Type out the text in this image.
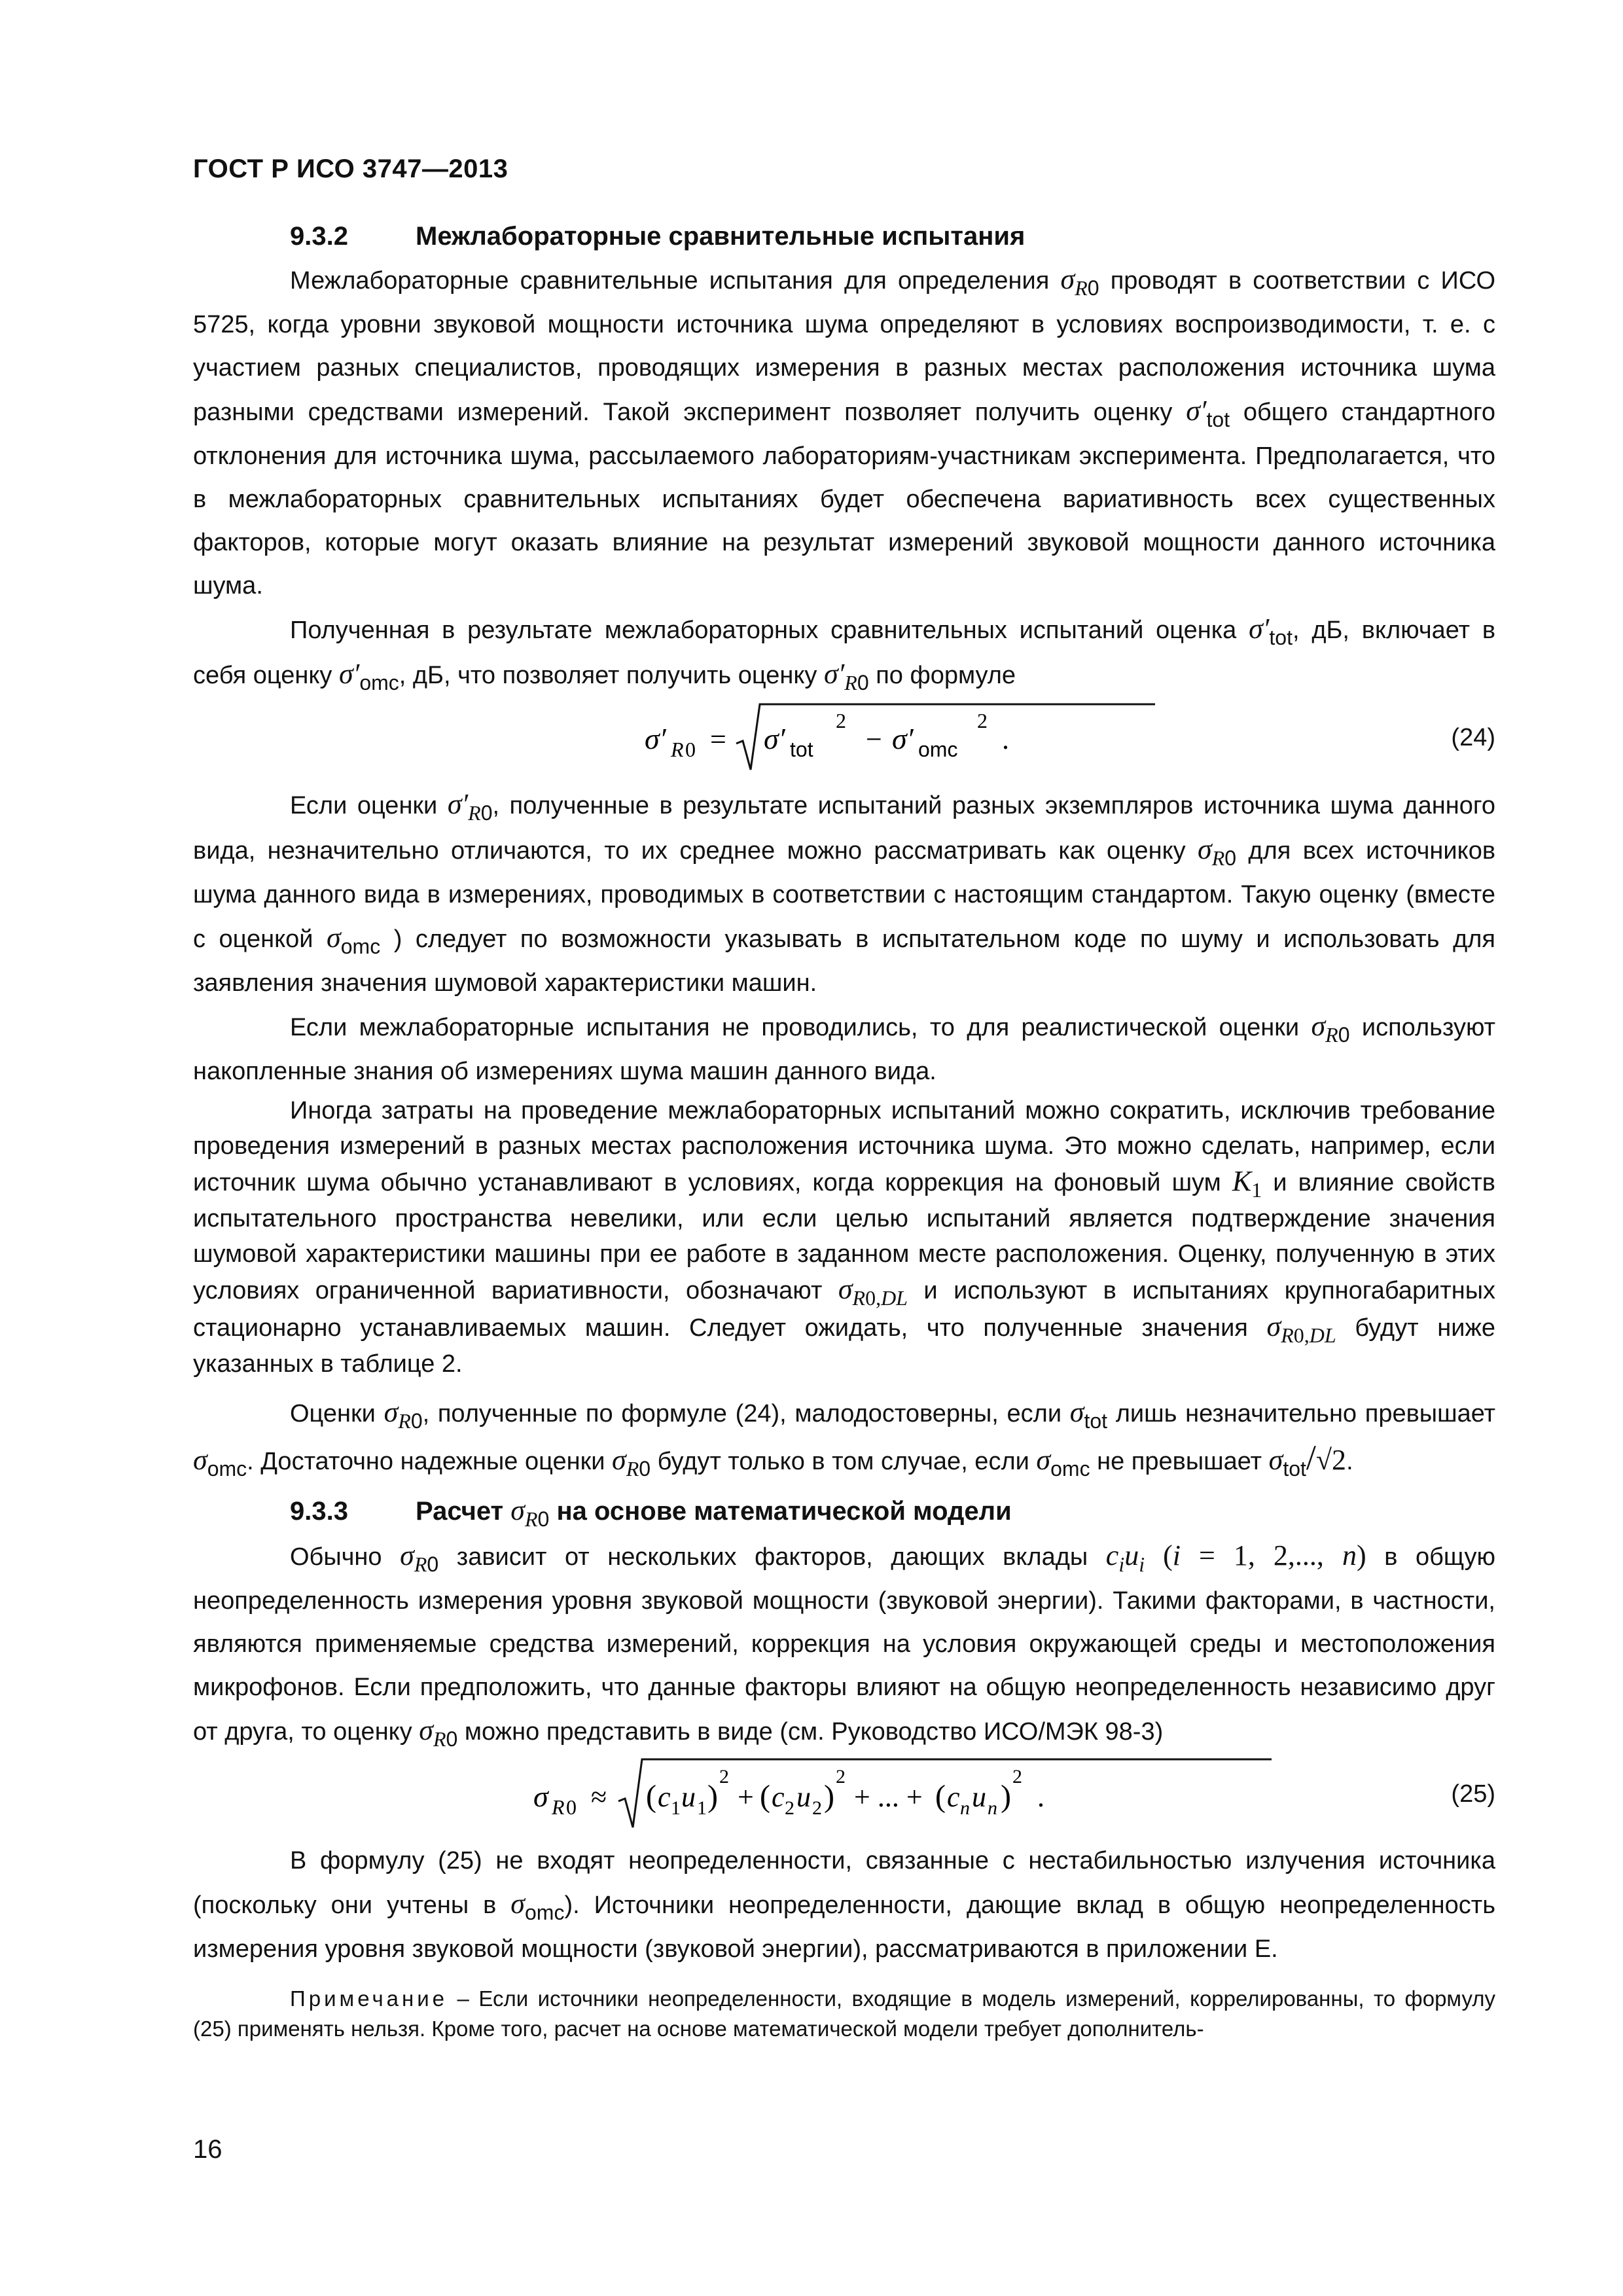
ГОСТ Р ИСО 3747—2013
9.3.2	Межлабораторные сравнительные испытания

Межлабораторные сравнительные испытания для определения $\sigma_{R0}$ проводят в соответствии с ИСО 5725, когда уровни звуковой мощности источника шума определяют в условиях воспроизводимости, т. е. с участием разных специалистов, проводящих измерения в разных местах расположения источника шума разными средствами измерений. Такой эксперимент позволяет получить оценку $\sigma'_{tot}$ общего стандартного отклонения для источника шума, рассылаемого лабораториям-участникам эксперимента. Предполагается, что в межлабораторных сравнительных испытаниях будет обеспечена вариативность всех существенных факторов, которые могут оказать влияние на результат измерений звуковой мощности данного источника шума.

Полученная в результате межлабораторных сравнительных испытаний оценка $\sigma'_{tot}$, дБ, включает в себя оценку $\sigma'_{omc}$, дБ, что позволяет получить оценку $\sigma'_{R0}$ по формуле

σ′ R 0 = σ′ tot
2
− σ′ omc
2
.	(24)

Если оценки $\sigma'_{R0}$, полученные в результате испытаний разных экземпляров источника шума данного вида, незначительно отличаются, то их среднее можно рассматривать как оценку $\sigma_{R0}$ для всех источников шума данного вида в измерениях, проводимых в соответствии с настоящим стандартом. Такую оценку (вместе с оценкой $\sigma_{omc}$ ) следует по возможности указывать в испытательном коде по шуму и использовать для заявления значения шумовой характеристики машин.

Если межлабораторные испытания не проводились, то для реалистической оценки $\sigma_{R0}$ используют накопленные знания об измерениях шума машин данного вида.

Иногда затраты на проведение межлабораторных испытаний можно сократить, исключив требование проведения измерений в разных местах расположения источника шума. Это можно сделать, например, если источник шума обычно устанавливают в условиях, когда коррекция на фоновый шум $K_1$ и влияние свойств испытательного пространства невелики, или если целью испытаний является подтверждение значения шумовой характеристики машины при ее работе в заданном месте расположения. Оценку, полученную в этих условиях ограниченной вариативности, обозначают $\sigma_{R0,DL}$ и используют в испытаниях крупногабаритных стационарно устанавливаемых машин. Следует ожидать, что полученные значения $\sigma_{R0,DL}$ будут ниже указанных в таблице 2.

Оценки $\sigma_{R0}$, полученные по формуле (24), малодостоверны, если $\sigma_{tot}$ лишь незначительно превышает $\sigma_{omc}$. Достаточно надежные оценки $\sigma_{R0}$ будут только в том случае, если $\sigma_{omc}$ не превышает $\sigma_{tot}/√2$.

9.3.3	Расчет $\sigma_{R0}$ на основе математической модели

Обычно $\sigma_{R0}$ зависит от нескольких факторов, дающих вклады $c_iu_i$ (i = 1, 2,..., n) в общую неопределенность измерения уровня звуковой мощности (звуковой энергии). Такими факторами, в частности, являются применяемые средства измерений, коррекция на условия окружающей среды и местоположения микрофонов. Если предположить, что данные факторы влияют на общую неопределенность независимо друг от друга, то оценку $\sigma_{R0}$ можно представить в виде (см. Руководство ИСО/МЭК 98-3)

σ R 0 ≈ ( c 1 u 1 )
2
+ ( c 2 u 2 )
2
+ ... + ( c n u n )
2
.	(25)

В формулу (25) не входят неопределенности, связанные с нестабильностью излучения источника (поскольку они учтены в $\sigma_{omc}$). Источники неопределенности, дающие вклад в общую неопределенность измерения уровня звуковой мощности (звуковой энергии), рассматриваются в приложении Е.

Примечание – Если источники неопределенности, входящие в модель измерений, коррелированны, то формулу (25) применять нельзя. Кроме того, расчет на основе математической модели требует дополнитель-
16
